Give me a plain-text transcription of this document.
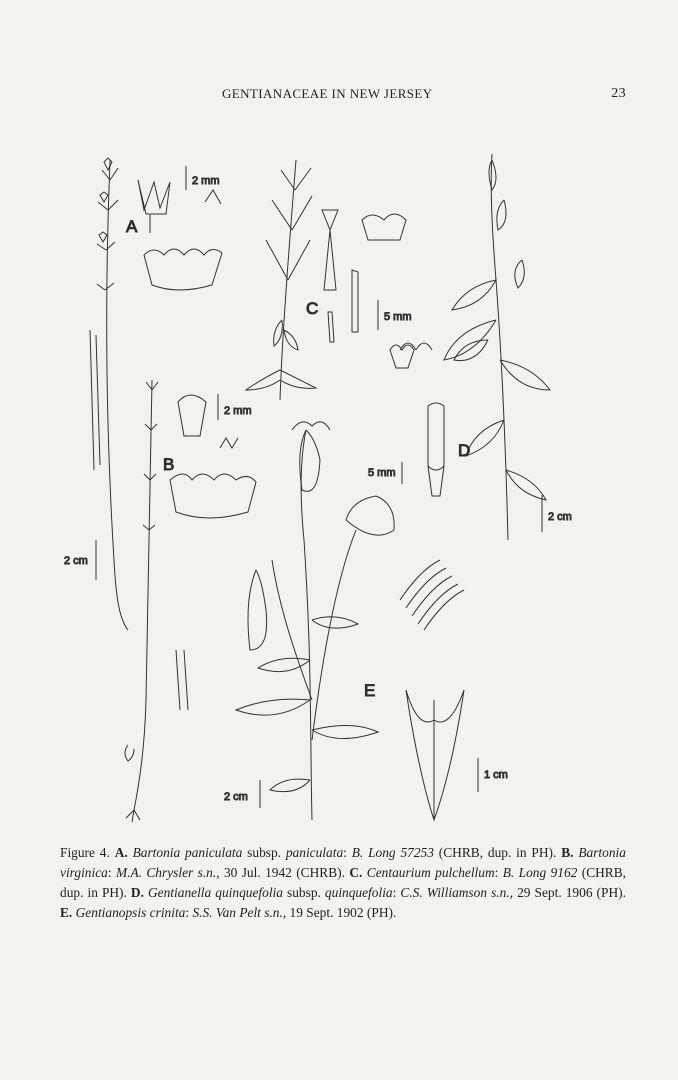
GENTIANACEAE IN NEW JERSEY	23
2 mm
A
2 mm
B
2 cm
5 mm
C
5 mm
2 cm
D
2 cm
1 cm
E
Figure 4. A. Bartonia paniculata subsp. paniculata: B. Long 57253 (CHRB, dup. in PH). B. Bartonia virginica: M.A. Chrysler s.n., 30 Jul. 1942 (CHRB). C. Centaurium pulchellum: B. Long 9162 (CHRB, dup. in PH). D. Gentianella quinquefolia subsp. quinquefolia: C.S. Williamson s.n., 29 Sept. 1906 (PH). E. Gentianopsis crinita: S.S. Van Pelt s.n., 19 Sept. 1902 (PH).
